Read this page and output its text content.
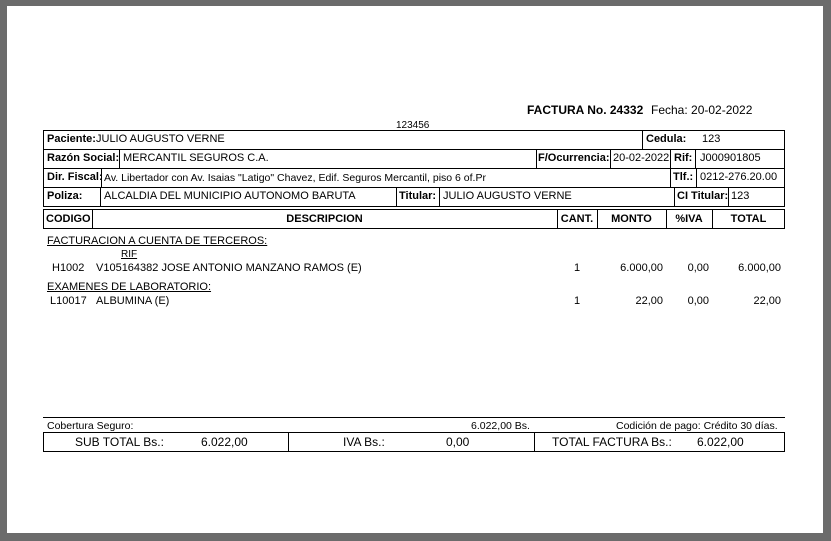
FACTURA No. 24332 Fecha: 20-02-2022
123456
Paciente: JULIO AUGUSTO VERNE	Cedula: 123
Razón Social: MERCANTIL SEGUROS C.A.	F/Ocurrencia: 20-02-2022 Rif: J000901805
Dir. Fiscal: Av. Libertador con Av. Isaias "Latigo" Chavez, Edif. Seguros Mercantil, piso 6 of.Pr	Tlf.: 0212-276.20.00
Poliza: ALCALDIA DEL MUNICIPIO AUTONOMO BARUTA	Titular: JULIO AUGUSTO VERNE	CI Titular: 123
CODIGO	DESCRIPCION	CANT.	MONTO	%IVA	TOTAL
FACTURACION A CUENTA DE TERCEROS:
RIF
H1002 V105164382 JOSE ANTONIO MANZANO RAMOS (E)	1	6.000,00	0,00	6.000,00
EXAMENES DE LABORATORIO:
L10017 ALBUMINA (E)	1	22,00	0,00	22,00
Cobertura Seguro:	6.022,00 Bs.	Codición de pago: Crédito 30 días.
SUB TOTAL Bs.:	6.022,00	IVA Bs.:	0,00	TOTAL FACTURA Bs.: 6.022,00
